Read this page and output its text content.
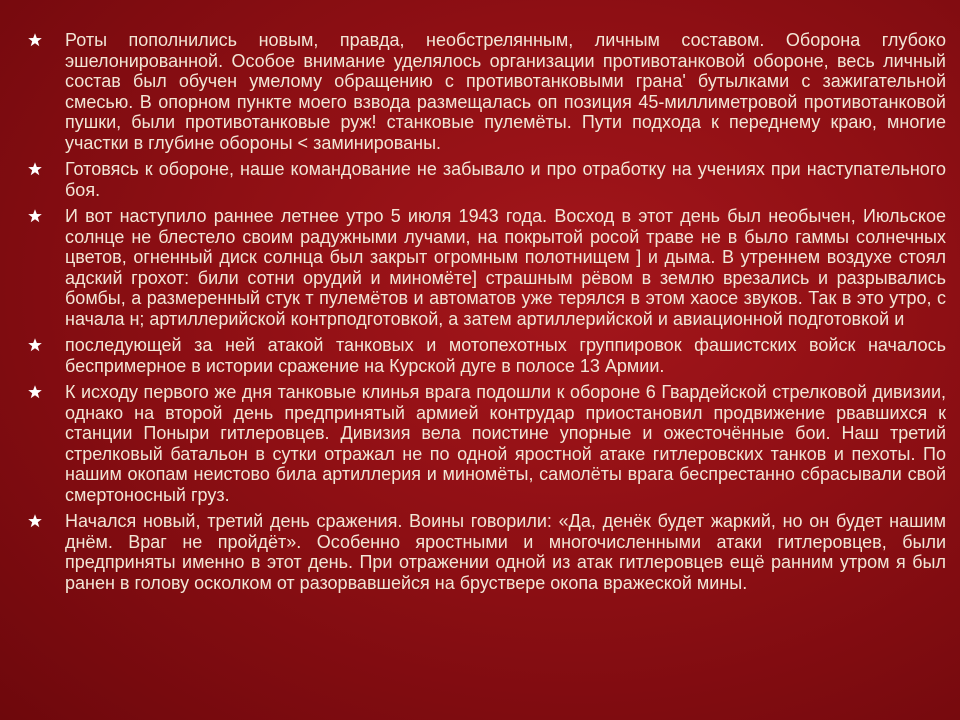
Роты пополнились новым, правда, необстрелянным, личным составом. Оборона глубоко эшелонированной. Особое внимание уделялось организации противотанковой обороне, весь личный состав был обучен умелому обращению с противотанковыми грана' бутылками с зажигательной смесью. В опорном пункте моего взвода размещалась оп позиция 45-миллиметровой противотанковой пушки, были противотанковые руж! станковые пулемёты. Пути подхода к переднему краю, многие участки в глубине обороны < заминированы.
Готовясь к обороне, наше командование не забывало и про отработку на учениях при наступательного боя.
И вот наступило раннее летнее утро 5 июля 1943 года. Восход в этот день был необычен, Июльское солнце не блестело своим радужными лучами, на покрытой росой траве не в было гаммы солнечных цветов, огненный диск солнца был закрыт огромным полотнищем ] и дыма. В утреннем воздухе стоял адский грохот: били сотни орудий и миномёте] страшным рёвом в землю врезались и разрывались бомбы, а размеренный стук т пулемётов и автоматов уже терялся в этом хаосе звуков. Так в это утро, с начала н; артиллерийской контрподготовкой, а затем артиллерийской и авиационной подготовкой и
последующей за ней атакой танковых и мотопехотных группировок фашистских войск началось беспримерное в истории сражение на Курской дуге в полосе 13 Армии.
К исходу первого же дня танковые клинья врага подошли к обороне 6 Гвардейской стрелковой дивизии, однако на второй день предпринятый армией контрудар приостановил продвижение рвавшихся к станции Поныри гитлеровцев. Дивизия вела поистине упорные и ожесточённые бои. Наш третий стрелковый батальон в сутки отражал не по одной яростной атаке гитлеровских танков и пехоты. По нашим окопам неистово била артиллерия и миномёты, самолёты врага беспрестанно сбрасывали свой смертоносный груз.
Начался новый, третий день сражения. Воины говорили: «Да, денёк будет жаркий, но он будет нашим днём. Враг не пройдёт». Особенно яростными и многочисленными атаки гитлеровцев, были предприняты именно в этот день. При отражении одной из атак гитлеровцев ещё ранним утром я был ранен в голову осколком от разорвавшейся на бруствере окопа вражеской мины.
